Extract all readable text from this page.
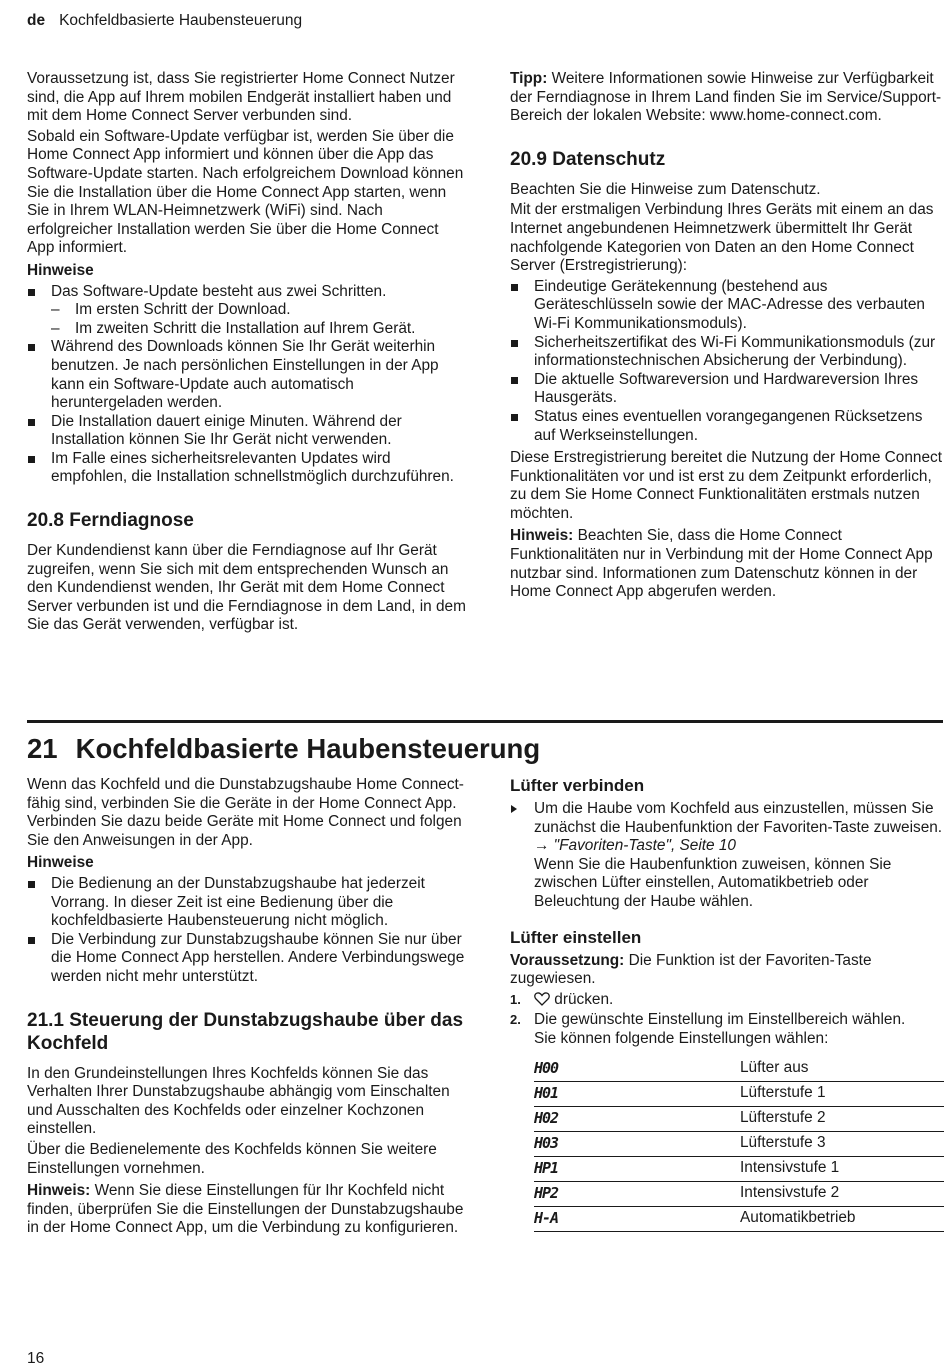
de Kochfeldbasierte Haubensteuerung

Voraussetzung ist, dass Sie registrierter Home Connect Nutzer sind, die App auf Ihrem mobilen Endgerät installiert haben und mit dem Home Connect Server verbunden sind.

Sobald ein Software-Update verfügbar ist, werden Sie über die Home Connect App informiert und können über die App das Software-Update starten. Nach erfolgreichem Download können Sie die Installation über die Home Connect App starten, wenn Sie in Ihrem WLAN-Heimnetzwerk (WiFi) sind. Nach erfolgreicher Installation werden Sie über die Home Connect App informiert.

Hinweise

Das Software-Update besteht aus zwei Schritten.
– Im ersten Schritt der Download.
– Im zweiten Schritt die Installation auf Ihrem Gerät.
Während des Downloads können Sie Ihr Gerät weiterhin benutzen. Je nach persönlichen Einstellungen in der App kann ein Software-Update auch automatisch heruntergeladen werden.
Die Installation dauert einige Minuten. Während der Installation können Sie Ihr Gerät nicht verwenden.
Im Falle eines sicherheitsrelevanten Updates wird empfohlen, die Installation schnellstmöglich durchzuführen.
20.8 Ferndiagnose

Der Kundendienst kann über die Ferndiagnose auf Ihr Gerät zugreifen, wenn Sie sich mit dem entsprechenden Wunsch an den Kundendienst wenden, Ihr Gerät mit dem Home Connect Server verbunden ist und die Ferndiagnose in dem Land, in dem Sie das Gerät verwenden, verfügbar ist.

Tipp: Weitere Informationen sowie Hinweise zur Verfügbarkeit der Ferndiagnose in Ihrem Land finden Sie im Service/Support-Bereich der lokalen Website: www.home-connect.com.

20.9 Datenschutz

Beachten Sie die Hinweise zum Datenschutz.

Mit der erstmaligen Verbindung Ihres Geräts mit einem an das Internet angebundenen Heimnetzwerk übermittelt Ihr Gerät nachfolgende Kategorien von Daten an den Home Connect Server (Erstregistrierung):

Eindeutige Gerätekennung (bestehend aus Geräteschlüsseln sowie der MAC-Adresse des verbauten Wi-Fi Kommunikationsmoduls).
Sicherheitszertifikat des Wi-Fi Kommunikationsmoduls (zur informationstechnischen Absicherung der Verbindung).
Die aktuelle Softwareversion und Hardwareversion Ihres Hausgeräts.
Status eines eventuellen vorangegangenen Rücksetzens auf Werkseinstellungen.

Diese Erstregistrierung bereitet die Nutzung der Home Connect Funktionalitäten vor und ist erst zu dem Zeitpunkt erforderlich, zu dem Sie Home Connect Funktionalitäten erstmals nutzen möchten.

Hinweis: Beachten Sie, dass die Home Connect Funktionalitäten nur in Verbindung mit der Home Connect App nutzbar sind. Informationen zum Datenschutz können in der Home Connect App abgerufen werden.

21 Kochfeldbasierte Haubensteuerung

Wenn das Kochfeld und die Dunstabzugshaube Home Connect-fähig sind, verbinden Sie die Geräte in der Home Connect App. Verbinden Sie dazu beide Geräte mit Home Connect und folgen Sie den Anweisungen in der App.

Hinweise

Die Bedienung an der Dunstabzugshaube hat jederzeit Vorrang. In dieser Zeit ist eine Bedienung über die kochfeldbasierte Haubensteuerung nicht möglich.
Die Verbindung zur Dunstabzugshaube können Sie nur über die Home Connect App herstellen. Andere Verbindungswege werden nicht mehr unterstützt.
21.1 Steuerung der Dunstabzugshaube über das Kochfeld

In den Grundeinstellungen Ihres Kochfelds können Sie das Verhalten Ihrer Dunstabzugshaube abhängig vom Einschalten und Ausschalten des Kochfelds oder einzelner Kochzonen einstellen.

Über die Bedienelemente des Kochfelds können Sie weitere Einstellungen vornehmen.

Hinweis: Wenn Sie diese Einstellungen für Ihr Kochfeld nicht finden, überprüfen Sie die Einstellungen der Dunstabzugshaube in der Home Connect App, um die Verbindung zu konfigurieren.

Lüfter verbinden
Um die Haube vom Kochfeld aus einzustellen, müssen Sie zunächst die Haubenfunktion der Favoriten-Taste zuweisen.
→ "Favoriten-Taste", Seite 10
Wenn Sie die Haubenfunktion zuweisen, können Sie zwischen Lüfter einstellen, Automatikbetrieb oder Beleuchtung der Haube wählen.
Lüfter einstellen

Voraussetzung: Die Funktion ist der Favoriten-Taste zugewiesen.

1. drücken.
2. Die gewünschte Einstellung im Einstellbereich wählen.
Sie können folgende Einstellungen wählen:
H00	Lüfter aus
H01	Lüfterstufe 1
H02	Lüfterstufe 2
H03	Lüfterstufe 3
HP1	Intensivstufe 1
HP2	Intensivstufe 2
H-A	Automatikbetrieb
16
